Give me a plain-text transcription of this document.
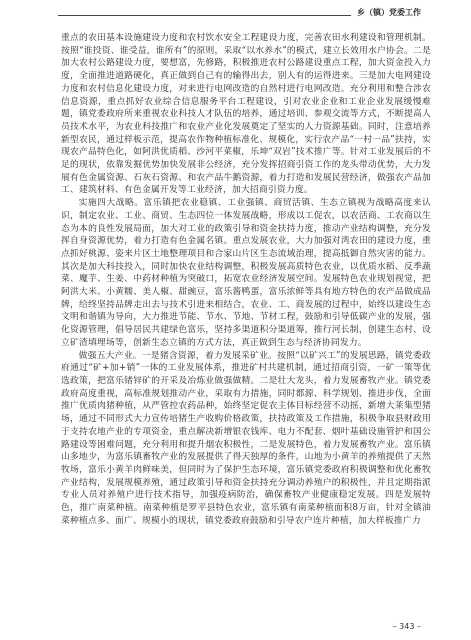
乡（镇）党委工作

重点的农田基本设施建设力度和农村饮水安全工程建设力度，完善农田水利建设和管理机制。按照“谁投资、谁受益，谁所有”的原则，采取“以水养水”的模式，建立长效用水户协会。二是加大农村公路建设力度，要想富，先修路，积极推进农村公路建设重点工程，加大资金投入力度，全面推进道路硬化，真正做到自己有的输得出去，别人有的运得进来。三是加大电网建设力度和农村信息化建设力度，对来进行电网改造的自然村进行电网改造。充分利用和整合涉农信息资源，重点抓好农业综合信息服务平台工程建设，引对农业企业和工业企业发展缓慢难题，镇党委政府所来重视农业科技人才队伍的培养，通过培训、参观交流等方式，不断提高人员技术水平，为农业科技推广和农业产业化发展奠定了坚实的人力资源基础。同时，注意培养新型农民，通过样板示范，提高农作物种植标准化、规模化，实行农产品“一村一品”扶持，实现农产品特色化，如阿洪优质稻、沙河平菜椒，乐坤“双岩”技术推广等。针对工业发展后的不足的现状，依靠发掘优势加快发展非公经济，充分发挥招商引资工作的龙头带动优势，大力发展有色金属资源、石灰石资源、和农产品牛鹅资源，着力打造和发展民营经济，做强农产品加工、建筑材料、有色金属开发等工业经济，加大招商引资力度。

实施四大战略。富乐镇把农业稳镇、工业强镇、商贸活镇、生态立镇视为战略高度来认识，制定农业、工业、商贸、生态四位一体发展战略，形成以工促农，以农活商、工农商以生态为本的良性发展局面，加大对工业的政策引导和资金扶持力度，推动产业结构调整，充分发挥自身资源优势，着力打造有色金属名镇。重点发展农业，大力加强对湾农田的建设力度，重点抓好桃源、姿来片区土地整理项目和合家山片区生态流域治理，提高抵御自然灾害的能力。其次是加大科技投入，同时加快农业结构调整，积极发展高质特色农业，以优质水稻、反季蔬菜、魔芋、生姜、中药材种植为突破口，拓宽农业经济发展空间。发展特色农业规划视觉，把阿洪大米、小黄糯、美人椒、甜豌豆，富乐酱鸭蛋，富乐浓鲜等具有地方特色的农产品做成品牌，给终坚持品牌走出去与技术引进来相结合，农业、工、商发展的过程中，始终以建设生态文明和谐镇为导向，大力推进节能、节水、节地、节材工程，鼓励和引导低碳产业的发展，强化资源管理，倡导居民共建绿色富乐，坚持多渠道积分渠道筹，推行河长制，创建生态村、设立矿渣填埋场等，创新生态立镇的方式方法，真正做到生态与经济协同发力。

做强五大产业。一是猪含资源，着力发展采矿业。按照“以矿兴工”的发展思路，镇党委政府通过“矿+加+销”一体的工业发展体系，推进矿村共建机制，通过招商引资，一矿一策等优选政策，把富乐锗锌矿的开采及冶炼业做强做精。二是壮大龙头，着力发展畜牧产业。镇党委政府高度重视，高标准规划推动产业，采取有力措施，同时都源、科学规划、推进步伐，全面推广优质肉猪种植，从严管控农药品种，始终坚定促农主体目标经营不动摇，新增大莱集型猪场，通过不同形式大力宣传培猪生产收购价格政策，扶持政策及工作措施，积极争取县财政用于支持农地产业的专项资金，重点解决新增银农钱库、电力不配套、烟叶基础设施管护和国公路建设等困难问题，充分利用和提升烟农积极性，二是发展特色，着力发展畜牧产业。富乐镇山多地少，为富乐镇畜牧产业的发展提供了得天独厚的条件，山地为小黄羊的养殖提供了天然牧场，富乐小黄羊肉鲜味美，但同时为了保护生态环境，富乐镇党委政府积极调整和优化畜牧产业结构，发展规模养殖，通过政策引导和资金扶持充分调动养殖户的积极性，并且定期指派专业人员对养殖户进行技术指导，加强疫病防治，确保畜牧产业健康稳定发展。四是发展特色，推广南菜种植。南菜种植是罗平县特色农业，富乐镇有南菜种植面积8万亩，针对全镇油菜种植点多、面广、规模小的现状，镇党委政府鼓励和引导农户连片种植，加大样板推广力

– 343 –
